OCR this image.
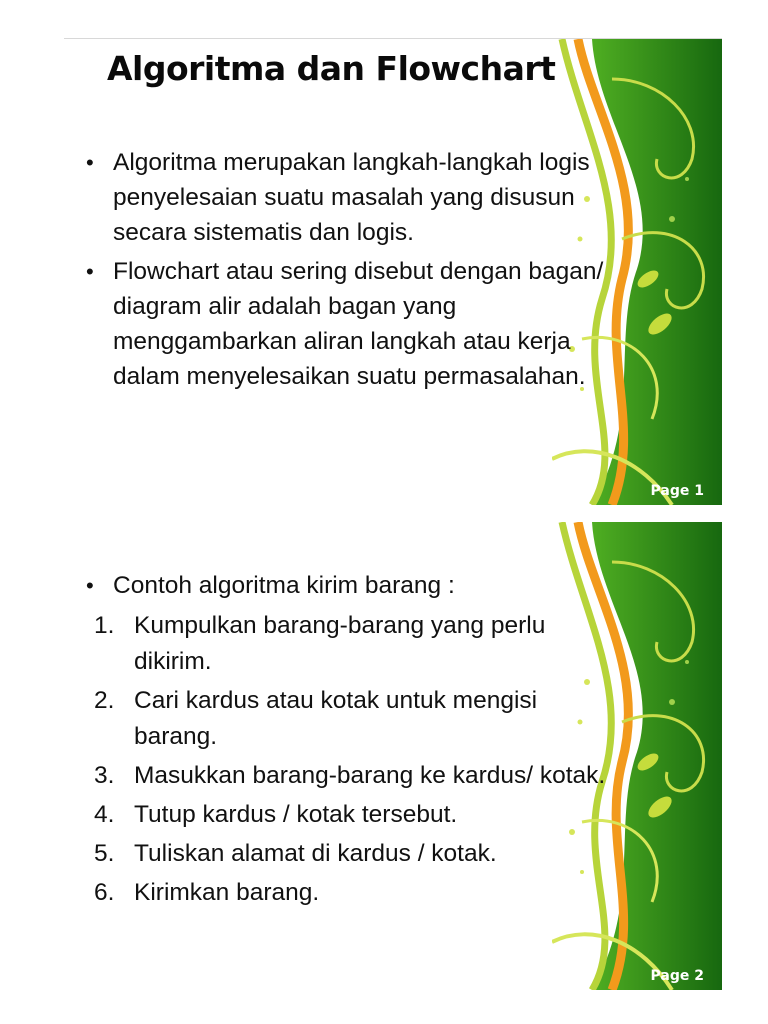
Algoritma dan Flowchart
• Algoritma merupakan langkah-langkah logis penyelesaian suatu masalah yang disusun secara sistematis dan logis.
• Flowchart atau sering disebut dengan bagan/ diagram alir adalah bagan yang menggambarkan aliran langkah atau kerja dalam menyelesaikan suatu permasalahan.
Page 1
• Contoh algoritma kirim barang :
1. Kumpulkan barang-barang yang perlu dikirim.
2. Cari kardus atau kotak untuk mengisi barang.
3. Masukkan barang-barang ke kardus/ kotak.
4. Tutup kardus / kotak tersebut.
5. Tuliskan alamat di kardus / kotak.
6. Kirimkan barang.
Page 2
